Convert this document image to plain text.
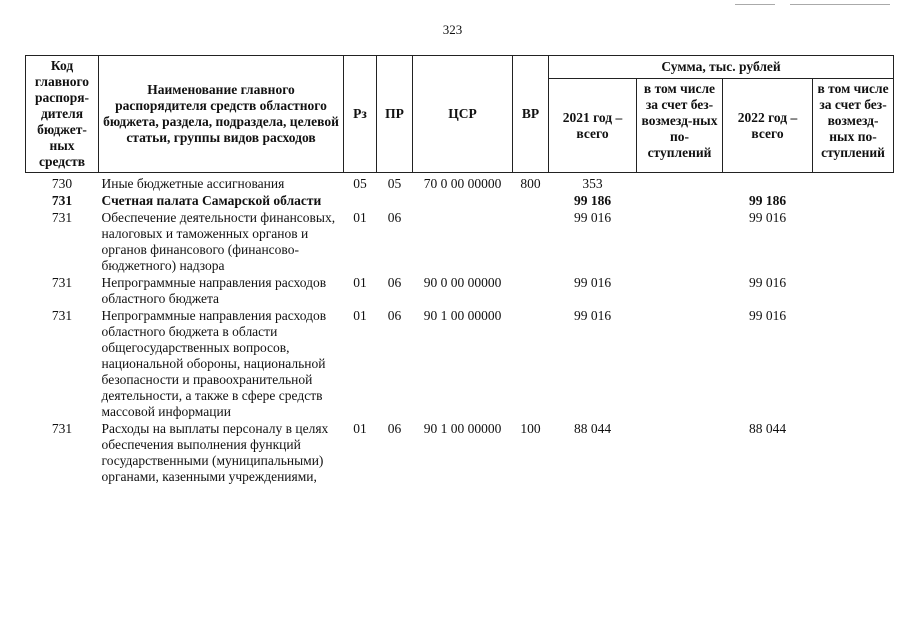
323
Код главного распоря-дителя бюджет-ных средств	Наименование главного распорядителя средств областного бюджета, раздела, подраздела, целевой статьи, группы видов расходов	Рз	ПР	ЦСР	ВР	Сумма, тыс. рублей			
						2021 год – всего	в том числе за счет без-возмезд-ных по-ступлений	2022 год – всего	в том числе за счет без-возмезд-ных по-ступлений
730	Иные бюджетные ассигнования	05	05	70 0 00 00000	800	353			
731	Счетная палата Самарской области					99 186		99 186	
731	Обеспечение деятельности финансовых, налоговых и таможенных органов и органов финансового (финансово-бюджетного) надзора	01	06			99 016		99 016	
731	Непрограммные направления расходов областного бюджета	01	06	90 0 00 00000		99 016		99 016	
731	Непрограммные направления расходов областного бюджета в области общегосударственных вопросов, национальной обороны, национальной безопасности и правоохранительной деятельности, а также в сфере средств массовой информации	01	06	90 1 00 00000		99 016		99 016	
731	Расходы на выплаты персоналу в целях обеспечения выполнения функций государственными (муниципальными) органами, казенными учреждениями,	01	06	90 1 00 00000	100	88 044		88 044	
